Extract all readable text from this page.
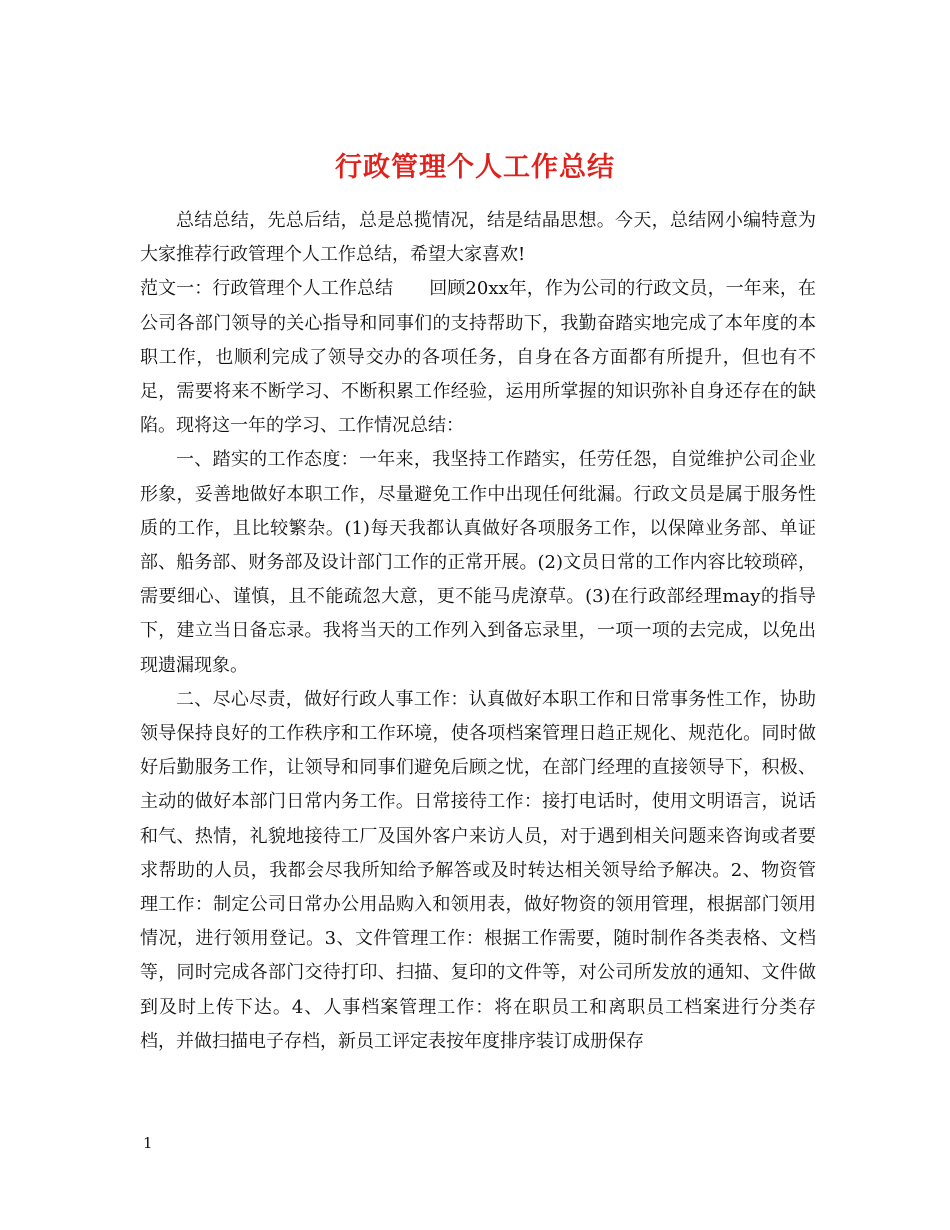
行政管理个人工作总结

总结总结，先总后结，总是总揽情况，结是结晶思想。今天，总结网小编特意为大家推荐行政管理个人工作总结，希望大家喜欢!

范文一：行政管理个人工作总结　　回顾20xx年，作为公司的行政文员，一年来，在公司各部门领导的关心指导和同事们的支持帮助下，我勤奋踏实地完成了本年度的本职工作，也顺利完成了领导交办的各项任务，自身在各方面都有所提升，但也有不足，需要将来不断学习、不断积累工作经验，运用所掌握的知识弥补自身还存在的缺陷。现将这一年的学习、工作情况总结：

一、踏实的工作态度：一年来，我坚持工作踏实，任劳任怨，自觉维护公司企业形象，妥善地做好本职工作，尽量避免工作中出现任何纰漏。行政文员是属于服务性质的工作，且比较繁杂。(1)每天我都认真做好各项服务工作，以保障业务部、单证部、船务部、财务部及设计部门工作的正常开展。(2)文员日常的工作内容比较琐碎，需要细心、谨慎，且不能疏忽大意，更不能马虎潦草。(3)在行政部经理may的指导下，建立当日备忘录。我将当天的工作列入到备忘录里，一项一项的去完成，以免出现遗漏现象。

二、尽心尽责，做好行政人事工作：认真做好本职工作和日常事务性工作，协助领导保持良好的工作秩序和工作环境，使各项档案管理日趋正规化、规范化。同时做好后勤服务工作，让领导和同事们避免后顾之忧，在部门经理的直接领导下，积极、主动的做好本部门日常内务工作。日常接待工作：接打电话时，使用文明语言，说话和气、热情，礼貌地接待工厂及国外客户来访人员，对于遇到相关问题来咨询或者要求帮助的人员，我都会尽我所知给予解答或及时转达相关领导给予解决。2、物资管理工作：制定公司日常办公用品购入和领用表，做好物资的领用管理，根据部门领用情况，进行领用登记。3、文件管理工作：根据工作需要，随时制作各类表格、文档等，同时完成各部门交待打印、扫描、复印的文件等，对公司所发放的通知、文件做到及时上传下达。4、人事档案管理工作：将在职员工和离职员工档案进行分类存档，并做扫描电子存档，新员工评定表按年度排序装订成册保存

1
